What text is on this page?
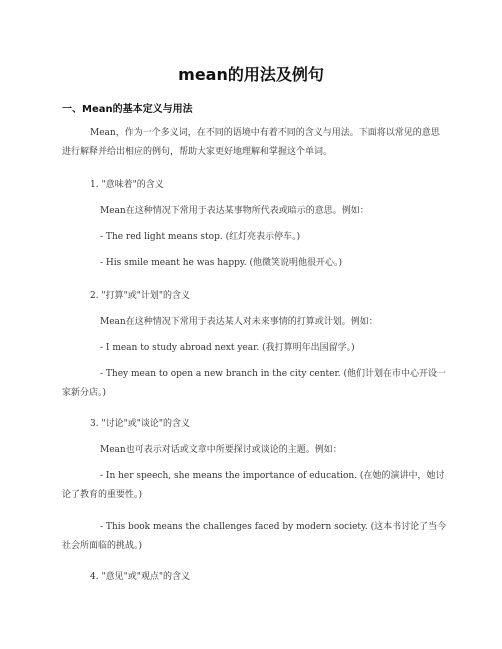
mean的用法及例句
一、Mean的基本定义与用法
Mean，作为一个多义词，在不同的语境中有着不同的含义与用法。下面将以常见的意思进行解释并给出相应的例句，帮助大家更好地理解和掌握这个单词。
1. "意味着"的含义
Mean在这种情况下常用于表达某事物所代表或暗示的意思。例如：
- The red light means stop. (红灯亮表示停车。)
- His smile meant he was happy. (他微笑说明他很开心。)
2. "打算"或"计划"的含义
Mean在这种情况下常用于表达某人对未来事情的打算或计划。例如：
- I mean to study abroad next year. (我打算明年出国留学。)
- They mean to open a new branch in the city center. (他们计划在市中心开设一家新分店。)
3. "讨论"或"谈论"的含义
Mean也可表示对话或文章中所要探讨或谈论的主题。例如：
- In her speech, she means the importance of education. (在她的演讲中，她讨论了教育的重要性。)
- This book means the challenges faced by modern society. (这本书讨论了当今社会所面临的挑战。)
4. "意见"或"观点"的含义
